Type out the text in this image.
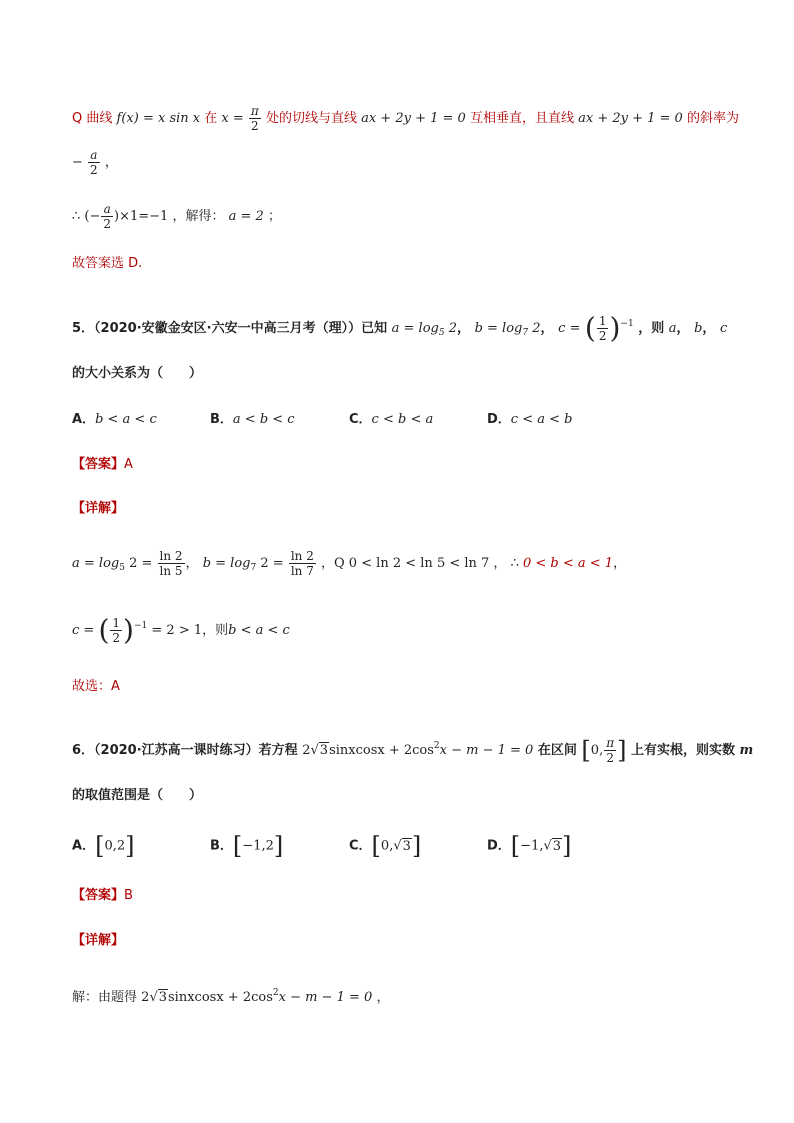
Q 曲线 f(x) = x sin x 在 $x = \frac{\pi}{2}$ 处的切线与直线 ax + 2y + 1 = 0 互相垂直，且直线 ax + 2y + 1 = 0 的斜率为
− $\frac{a}{2}$ ，
∴ (− $\frac{a}{2} )\times 1=-1$ ，解得： a = 2 ；
故答案选 D.
5．（2020·安徽金安区·六安一中高三月考（理））已知 $a = \log_5 2$， $b = \log_7 2$， c = ( $\frac{1}{2} )^{-1}$ ，则 a， b， c
的大小关系为（　　）
A．b < a < c	B．a < b < c	C．c < b < a	D．c < a < b
【答案】A
【详解】
$a = \log_5 2 = \frac{\ln 2}{\ln 5}$ ， $b = \log_7 2 = \frac{\ln 2}{\ln 7}$ ，Q 0 < ln 2 < ln 5 < ln 7 ， ∴ 0 < b < a < 1，
c = ( $\frac{1}{2} )^{-1} = 2 > 1$，则b < a < c
故选：A
6．（2020·江苏高一课时练习）若方程 2√3sinxcosx + $2\cos^2x - m - 1 = 0$ 在区间 [0, $\frac{\pi}{2}$ ] 上有实根，则实数 m
的取值范围是（　　）
A．[0,2]	B．[−1,2]	C．[0,√3]	D．[−1,√3]
【答案】B
【详解】
解：由题得 2√3sinxcosx + $2\cos^2x - m - 1 = 0$ ，
